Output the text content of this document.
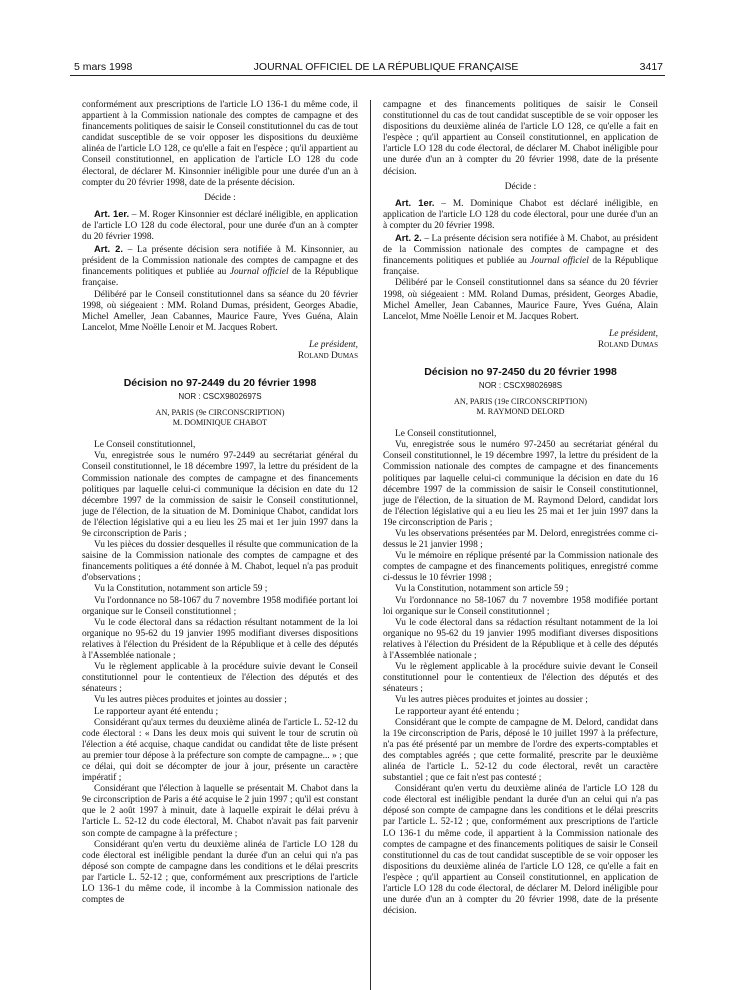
5 mars 1998	JOURNAL OFFICIEL DE LA RÉPUBLIQUE FRANÇAISE	3417

conformément aux prescriptions de l'article LO 136-1 du même code, il appartient à la Commission nationale des comptes de campagne et des financements politiques de saisir le Conseil constitutionnel du cas de tout candidat susceptible de se voir opposer les dispositions du deuxième alinéa de l'article LO 128, ce qu'elle a fait en l'espèce ; qu'il appartient au Conseil constitutionnel, en application de l'article LO 128 du code électoral, de déclarer M. Kinsonnier inéligible pour une durée d'un an à compter du 20 février 1998, date de la présente décision.

Décide :

Art. 1er. – M. Roger Kinsonnier est déclaré inéligible, en application de l'article LO 128 du code électoral, pour une durée d'un an à compter du 20 février 1998.

Art. 2. – La présente décision sera notifiée à M. Kinsonnier, au président de la Commission nationale des comptes de campagne et des financements politiques et publiée au Journal officiel de la République française.

Délibéré par le Conseil constitutionnel dans sa séance du 20 février 1998, où siégeaient : MM. Roland Dumas, président, Georges Abadie, Michel Ameller, Jean Cabannes, Maurice Faure, Yves Guéna, Alain Lancelot, Mme Noëlle Lenoir et M. Jacques Robert.

Le président,

Roland Dumas

Décision no 97-2449 du 20 février 1998

NOR : CSCX9802697S

AN, PARIS (9e CIRCONSCRIPTION)

M. DOMINIQUE CHABOT

Le Conseil constitutionnel,

Vu, enregistrée sous le numéro 97-2449 au secrétariat général du Conseil constitutionnel, le 18 décembre 1997, la lettre du président de la Commission nationale des comptes de campagne et des financements politiques par laquelle celui-ci communique la décision en date du 12 décembre 1997 de la commission de saisir le Conseil constitutionnel, juge de l'élection, de la situation de M. Dominique Chabot, candidat lors de l'élection législative qui a eu lieu les 25 mai et 1er juin 1997 dans la 9e circonscription de Paris ;

Vu les pièces du dossier desquelles il résulte que communication de la saisine de la Commission nationale des comptes de campagne et des financements politiques a été donnée à M. Chabot, lequel n'a pas produit d'observations ;

Vu la Constitution, notamment son article 59 ;

Vu l'ordonnance no 58-1067 du 7 novembre 1958 modifiée portant loi organique sur le Conseil constitutionnel ;

Vu le code électoral dans sa rédaction résultant notamment de la loi organique no 95-62 du 19 janvier 1995 modifiant diverses dispositions relatives à l'élection du Président de la République et à celle des députés à l'Assemblée nationale ;

Vu le règlement applicable à la procédure suivie devant le Conseil constitutionnel pour le contentieux de l'élection des députés et des sénateurs ;

Vu les autres pièces produites et jointes au dossier ;

Le rapporteur ayant été entendu ;

Considérant qu'aux termes du deuxième alinéa de l'article L. 52-12 du code électoral : « Dans les deux mois qui suivent le tour de scrutin où l'élection a été acquise, chaque candidat ou candidat tête de liste présent au premier tour dépose à la préfecture son compte de campagne... » ; que ce délai, qui doit se décompter de jour à jour, présente un caractère impératif ;

Considérant que l'élection à laquelle se présentait M. Chabot dans la 9e circonscription de Paris a été acquise le 2 juin 1997 ; qu'il est constant que le 2 août 1997 à minuit, date à laquelle expirait le délai prévu à l'article L. 52-12 du code électoral, M. Chabot n'avait pas fait parvenir son compte de campagne à la préfecture ;

Considérant qu'en vertu du deuxième alinéa de l'article LO 128 du code électoral est inéligible pendant la durée d'un an celui qui n'a pas déposé son compte de campagne dans les conditions et le délai prescrits par l'article L. 52-12 ; que, conformément aux prescriptions de l'article LO 136-1 du même code, il incombe à la Commission nationale des comptes de

campagne et des financements politiques de saisir le Conseil constitutionnel du cas de tout candidat susceptible de se voir opposer les dispositions du deuxième alinéa de l'article LO 128, ce qu'elle a fait en l'espèce ; qu'il appartient au Conseil constitutionnel, en application de l'article LO 128 du code électoral, de déclarer M. Chabot inéligible pour une durée d'un an à compter du 20 février 1998, date de la présente décision.

Décide :

Art. 1er. – M. Dominique Chabot est déclaré inéligible, en application de l'article LO 128 du code électoral, pour une durée d'un an à compter du 20 février 1998.

Art. 2. – La présente décision sera notifiée à M. Chabot, au président de la Commission nationale des comptes de campagne et des financements politiques et publiée au Journal officiel de la République française.

Délibéré par le Conseil constitutionnel dans sa séance du 20 février 1998, où siégeaient : MM. Roland Dumas, président, Georges Abadie, Michel Ameller, Jean Cabannes, Maurice Faure, Yves Guéna, Alain Lancelot, Mme Noëlle Lenoir et M. Jacques Robert.

Le président,

Roland Dumas

Décision no 97-2450 du 20 février 1998

NOR : CSCX9802698S

AN, PARIS (19e CIRCONSCRIPTION)

M. RAYMOND DELORD

Le Conseil constitutionnel,

Vu, enregistrée sous le numéro 97-2450 au secrétariat général du Conseil constitutionnel, le 19 décembre 1997, la lettre du président de la Commission nationale des comptes de campagne et des financements politiques par laquelle celui-ci communique la décision en date du 16 décembre 1997 de la commission de saisir le Conseil constitutionnel, juge de l'élection, de la situation de M. Raymond Delord, candidat lors de l'élection législative qui a eu lieu les 25 mai et 1er juin 1997 dans la 19e circonscription de Paris ;

Vu les observations présentées par M. Delord, enregistrées comme ci-dessus le 21 janvier 1998 ;

Vu le mémoire en réplique présenté par la Commission nationale des comptes de campagne et des financements politiques, enregistré comme ci-dessus le 10 février 1998 ;

Vu la Constitution, notamment son article 59 ;

Vu l'ordonnance no 58-1067 du 7 novembre 1958 modifiée portant loi organique sur le Conseil constitutionnel ;

Vu le code électoral dans sa rédaction résultant notamment de la loi organique no 95-62 du 19 janvier 1995 modifiant diverses dispositions relatives à l'élection du Président de la République et à celle des députés à l'Assemblée nationale ;

Vu le règlement applicable à la procédure suivie devant le Conseil constitutionnel pour le contentieux de l'élection des députés et des sénateurs ;

Vu les autres pièces produites et jointes au dossier ;

Le rapporteur ayant été entendu ;

Considérant que le compte de campagne de M. Delord, candidat dans la 19e circonscription de Paris, déposé le 10 juillet 1997 à la préfecture, n'a pas été présenté par un membre de l'ordre des experts-comptables et des comptables agréés ; que cette formalité, prescrite par le deuxième alinéa de l'article L. 52-12 du code électoral, revêt un caractère substantiel ; que ce fait n'est pas contesté ;

Considérant qu'en vertu du deuxième alinéa de l'article LO 128 du code électoral est inéligible pendant la durée d'un an celui qui n'a pas déposé son compte de campagne dans les conditions et le délai prescrits par l'article L. 52-12 ; que, conformément aux prescriptions de l'article LO 136-1 du même code, il appartient à la Commission nationale des comptes de campagne et des financements politiques de saisir le Conseil constitutionnel du cas de tout candidat susceptible de se voir opposer les dispositions du deuxième alinéa de l'article LO 128, ce qu'elle a fait en l'espèce ; qu'il appartient au Conseil constitutionnel, en application de l'article LO 128 du code électoral, de déclarer M. Delord inéligible pour une durée d'un an à compter du 20 février 1998, date de la présente décision.
